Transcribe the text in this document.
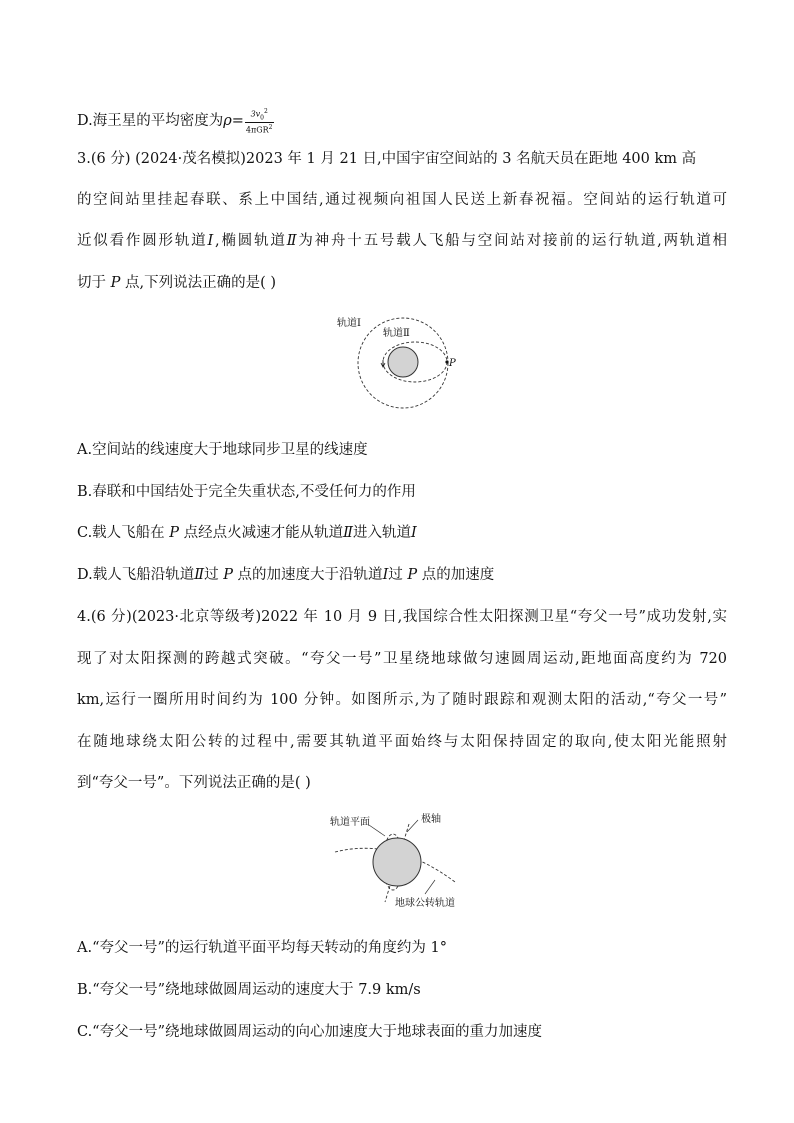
D.海王星的平均密度为$\rho= \frac{3v_0^2}{4\pi GR^2}$
3.(6 分) (2024·茂名模拟)2023 年 1 月 21 日,中国宇宙空间站的 3 名航天员在距地 400 km 高
的空间站里挂起春联、系上中国结,通过视频向祖国人民送上新春祝福。空间站的运行轨道可
近似看作圆形轨道Ⅰ,椭圆轨道Ⅱ为神舟十五号载人飞船与空间站对接前的运行轨道,两轨道相
切于 P 点,下列说法正确的是( )
轨道Ⅰ
轨道Ⅱ
P
A.空间站的线速度大于地球同步卫星的线速度
B.春联和中国结处于完全失重状态,不受任何力的作用
C.载人飞船在 P 点经点火减速才能从轨道Ⅱ进入轨道Ⅰ
D.载人飞船沿轨道Ⅱ过 P 点的加速度大于沿轨道Ⅰ过 P 点的加速度
4.(6 分)(2023·北京等级考)2022 年 10 月 9 日,我国综合性太阳探测卫星“夸父一号”成功发射,实
现了对太阳探测的跨越式突破。“夸父一号”卫星绕地球做匀速圆周运动,距地面高度约为 720
km,运行一圈所用时间约为 100 分钟。如图所示,为了随时跟踪和观测太阳的活动,“夸父一号”
在随地球绕太阳公转的过程中,需要其轨道平面始终与太阳保持固定的取向,使太阳光能照射
到“夸父一号”。下列说法正确的是( )
轨道平面	极轴
地球公转轨道
A.“夸父一号”的运行轨道平面平均每天转动的角度约为 1°
B.“夸父一号”绕地球做圆周运动的速度大于 7.9 km/s
C.“夸父一号”绕地球做圆周运动的向心加速度大于地球表面的重力加速度
